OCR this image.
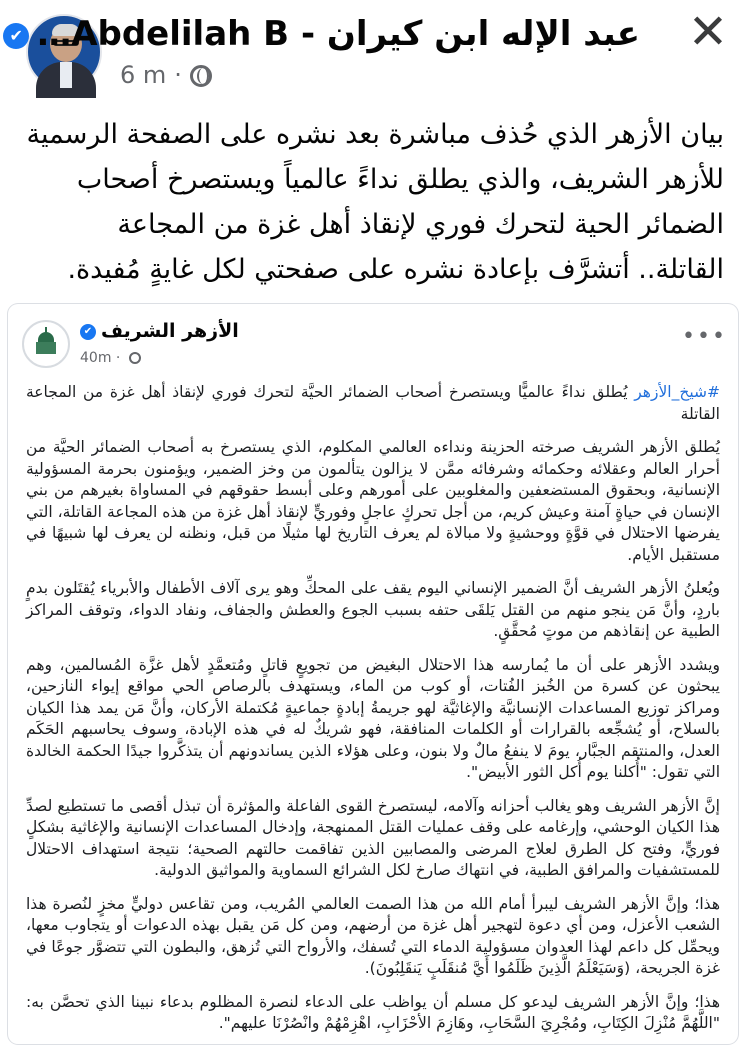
عبد الإله ابن كيران - Abdelilah B…✔
6 m ·
✕
بيان الأزهر الذي حُذف مباشرة بعد نشره على الصفحة الرسمية للأزهر الشريف، والذي يطلق نداءً عالمياً ويستصرخ أصحاب الضمائر الحية لتحرك فوري لإنقاذ أهل غزة من المجاعة القاتلة.. أتشرَّف بإعادة نشره على صفحتي لكل غايةٍ مُفيدة.
الأزهر الشريف✔
40m ·
•••

#شيخ_الأزهر يُطلق نداءً عالميًّا ويستصرخ أصحاب الضمائر الحيَّة لتحرك فوري لإنقاذ أهل غزة من المجاعة القاتلة

يُطلق الأزهر الشريف صرخته الحزينة ونداءه العالمي المكلوم، الذي يستصرخ به أصحاب الضمائر الحيَّة من أحرار العالم وعقلائه وحكمائه وشرفائه ممَّن لا يزالون يتألمون من وخز الضمير، ويؤمنون بحرمة المسؤولية الإنسانية، وبحقوق المستضعفين والمغلوبين على أمورهم وعلى أبسط حقوقهم في المساواة بغيرهم من بني الإنسان في حياةٍ آمنة وعيش كريم، من أجل تحركٍ عاجلٍ وفوريٍّ لإنقاذ أهل غزة من هذه المجاعة القاتلة، التي يفرضها الاحتلال في قوَّةٍ ووحشيةٍ ولا مبالاة لم يعرف التاريخ لها مثيلًا من قبل، ونظنه لن يعرف لها شبيهًا في مستقبل الأيام.

ويُعلنُ الأزهر الشريف أنَّ الضمير الإنساني اليوم يقف على المحكِّ وهو يرى آلاف الأطفال والأبرياء يُقتَلون بدمٍ باردٍ، وأنَّ مَن ينجو منهم من القتل يَلقَى حتفه بسبب الجوع والعطش والجفاف، ونفاد الدواء، وتوقف المراكز الطبية عن إنقاذهم من موتٍ مُحقَّقٍ.

ويشدد الأزهر على أن ما يُمارسه هذا الاحتلال البغيض من تجويعٍ قاتلٍ ومُتعمَّدٍ لأهل غزَّة المُسالمين، وهم يبحثون عن كسرة من الخُبز الفُتات، أو كوب من الماء، ويستهدف بالرصاص الحي مواقع إيواء النازحين، ومراكز توزيع المساعدات الإنسانيَّة والإغاثيَّة لهو جريمةُ إبادةٍ جماعيةٍ مُكتملة الأركان، وأنَّ مَن يمد هذا الكيان بالسلاح، أو يُشجِّعه بالقرارات أو الكلمات المنافقة، فهو شريكٌ له في هذه الإبادة، وسوف يحاسبهم الحَكَم العدل، والمنتقم الجبَّار، يومَ لا ينفعُ مالٌ ولا بنون، وعلى هؤلاء الذين يساندونهم أن يتذكَّروا جيدًا الحكمة الخالدة التي تقول: "أُكلنا يوم أُكل الثور الأبيض".

إنَّ الأزهر الشريف وهو يغالب أحزانه وآلامه، ليستصرخ القوى الفاعلة والمؤثرة أن تبذل أقصى ما تستطيع لصدِّ هذا الكيان الوحشي، وإرغامه على وقف عمليات القتل الممنهجة، وإدخال المساعدات الإنسانية والإغاثية بشكلٍ فوريٍّ، وفتح كل الطرق لعلاج المرضى والمصابين الذين تفاقمت حالتهم الصحية؛ نتيجة استهداف الاحتلال للمستشفيات والمرافق الطبية، في انتهاك صارخ لكل الشرائع السماوية والمواثيق الدولية.

هذا؛ وإنَّ الأزهر الشريف ليبرأ أمام الله من هذا الصمت العالمي المُريب، ومن تقاعس دوليٍّ مخزٍ لنُصرة هذا الشعب الأعزل، ومن أي دعوة لتهجير أهل غزة من أرضهم، ومن كل مَن يقبل بهذه الدعوات أو يتجاوب معها، ويحمِّل كل داعم لهذا العدوان مسؤولية الدماء التي تُسفك، والأرواح التي تُزهق، والبطون التي تتضوَّر جوعًا في غزة الجريحة، (وَسَيَعْلَمُ الَّذِينَ ظَلَمُوا أَيَّ مُنقَلَبٍ يَنقَلِبُونَ).

هذا؛ وإنَّ الأزهر الشريف ليدعو كل مسلم أن يواظب على الدعاء لنصرة المظلوم بدعاء نبينا الذي تحصَّن به: "اللَّهُمَّ مُنْزِلَ الكِتَابِ، ومُجْرِيَ السَّحَابِ، وهَازِمَ الأحْزَابِ، اهْزِمْهُمْ وانْصُرْنَا عليهم".
